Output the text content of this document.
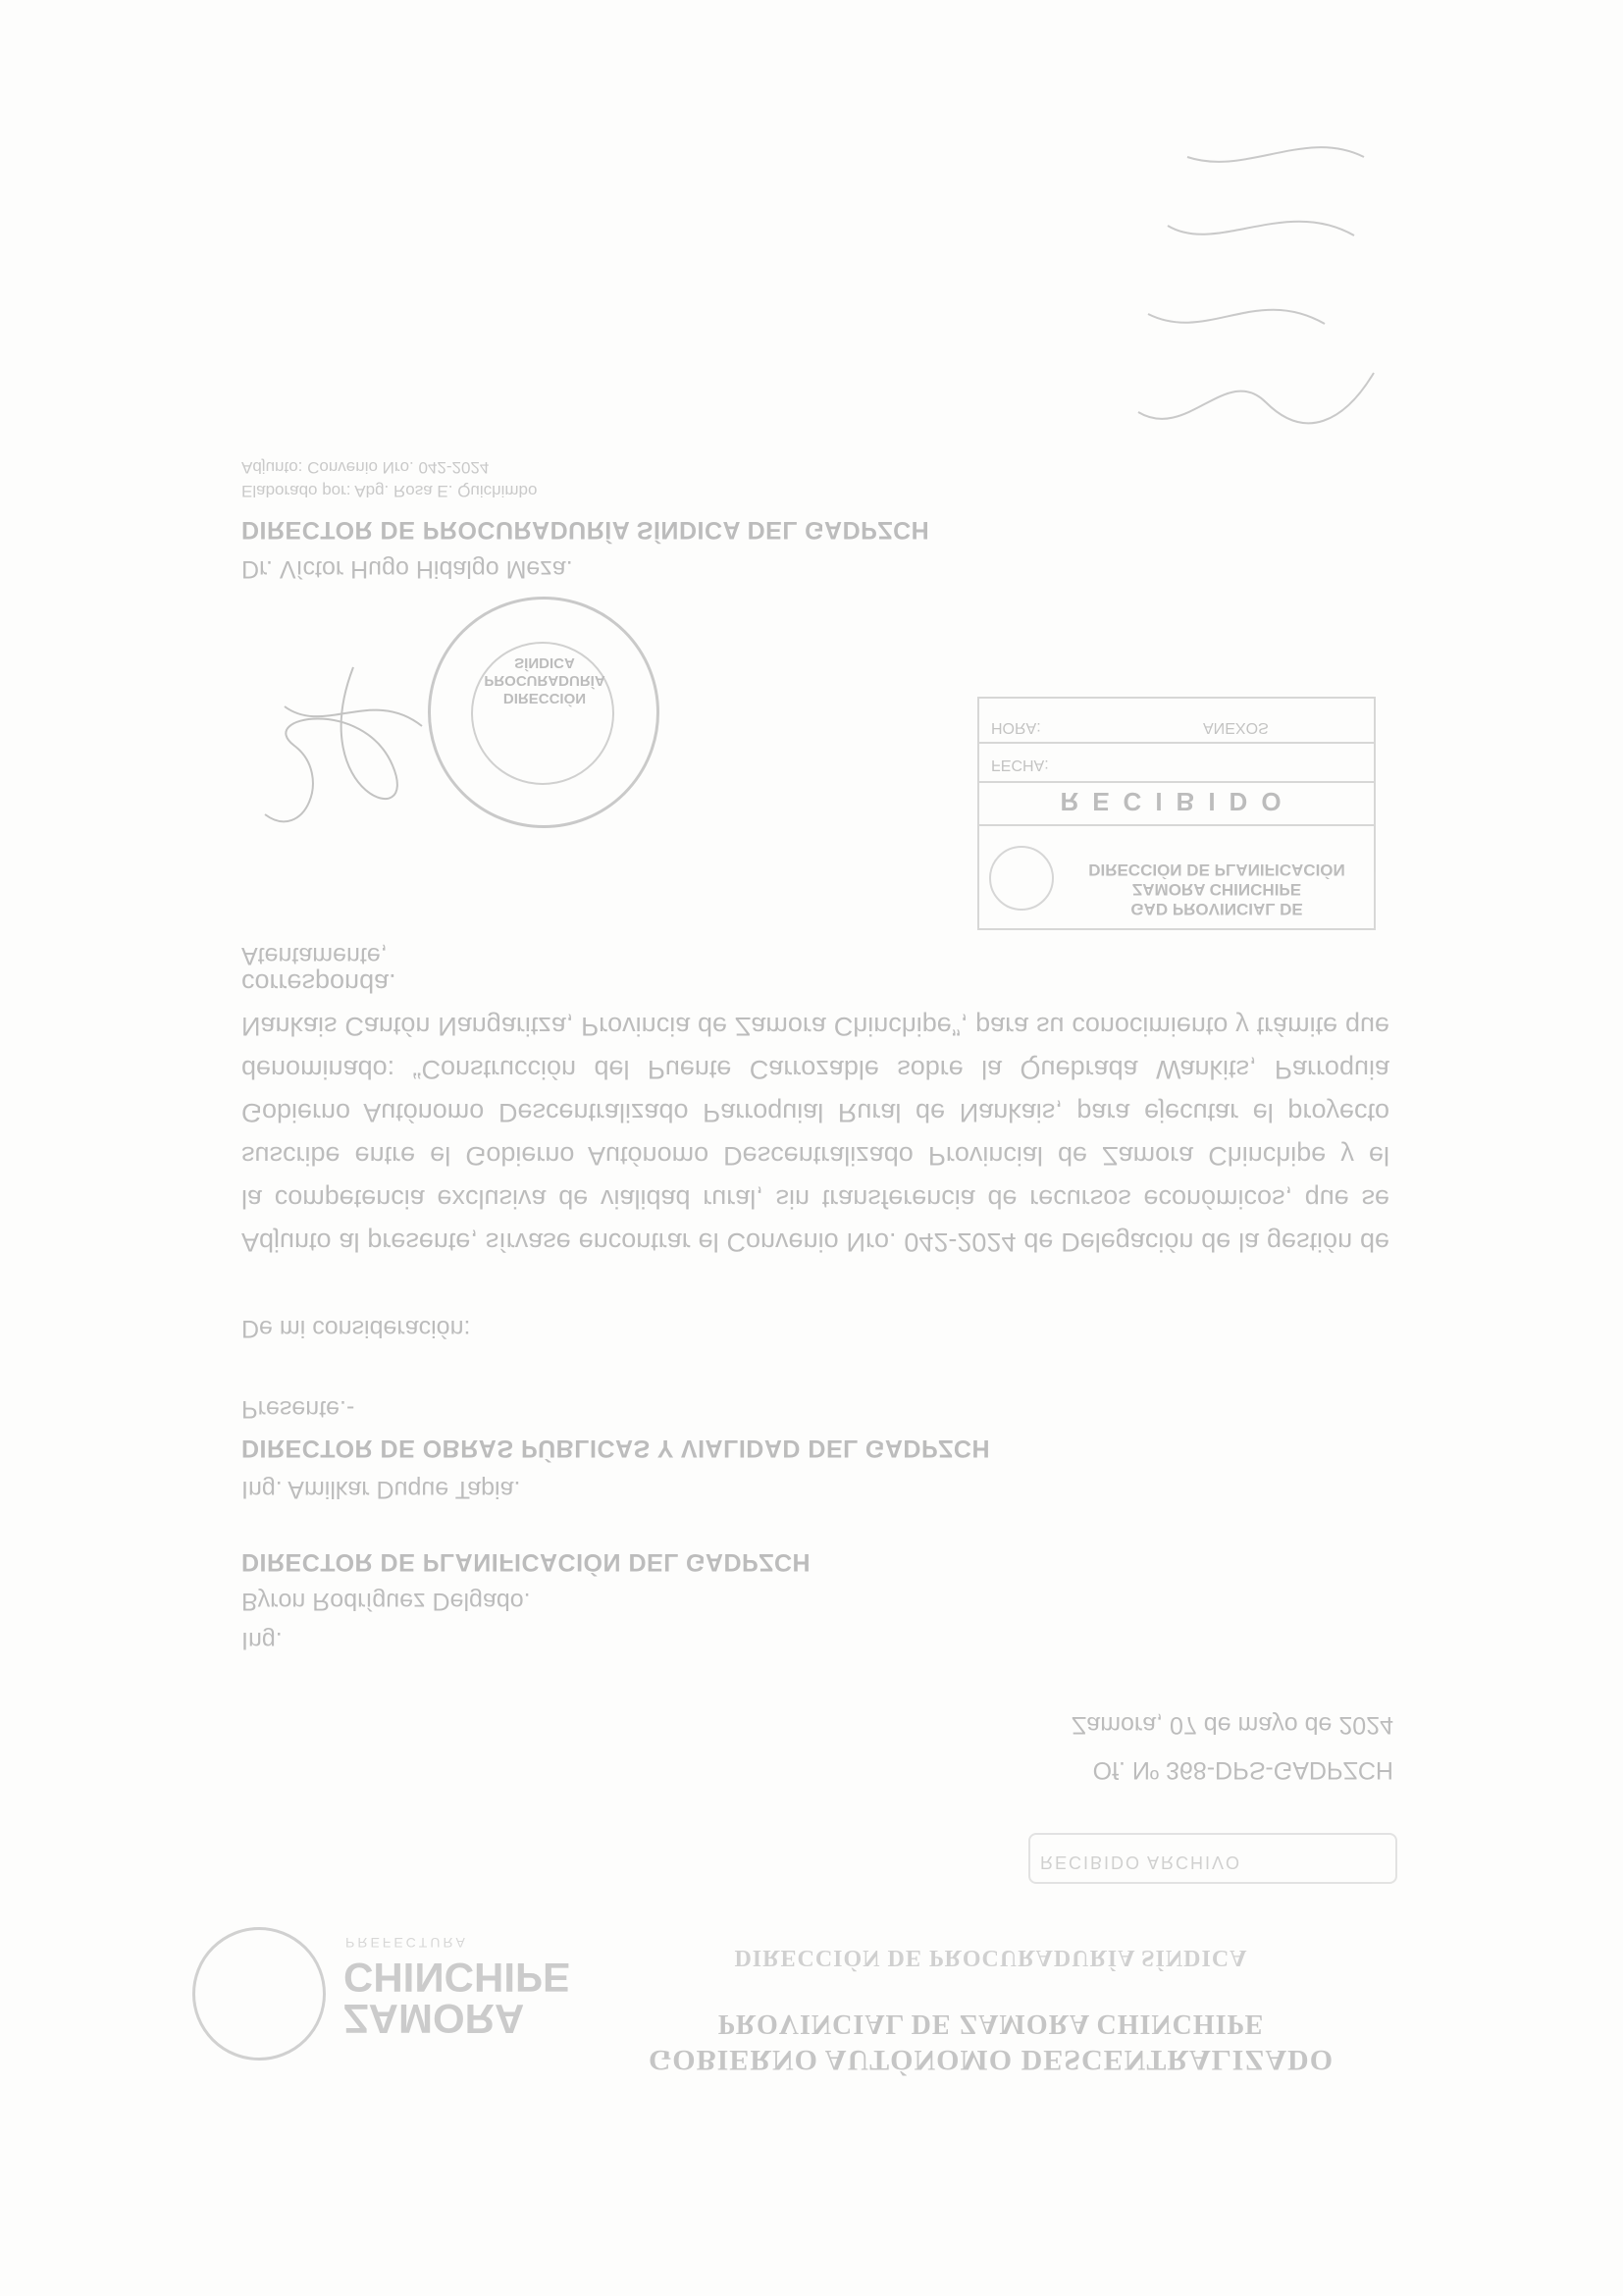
ZAMORA
CHINCHIPE
PREFECTURA
GOBIERNO AUTÓNOMO DESCENTRALIZADO
PROVINCIAL DE ZAMORA CHINCHIPE
DIRECCIÓN DE PROCURADURÍA SÍNDICA
RECIBIDO ARCHIVO
Of. Nº 368-DPS-GADPZCH
Zamora, 07 de mayo de 2024
Ing.
Byron Rodríguez Delgado.
DIRECTOR DE PLANIFICACIÓN DEL GADPZCH
Ing. Amilkar Duque Tapia.
DIRECTOR DE OBRAS PÚBLICAS Y VIALIDAD DEL GADPZCH
Presente.-
De mi consideración:
Adjunto al presente, sírvase encontrar el Convenio Nro. 042-2024 de Delegación de la gestión de la competencia exclusiva de vialidad rural, sin transferencia de recursos económicos, que se suscribe entre el Gobierno Autónomo Descentralizado Provincial de Zamora Chinchipe y el Gobierno Autónomo Descentralizado Parroquial Rural de Nankais, para ejecutar el proyecto denominado: “Construcción del Puente Carrozable sobre la Quebrada Wankits, Parroquia Nankais Cantón Nangaritza, Provincia de Zamora Chinchipe”, para su conocimiento y trámite que corresponda.
Atentamente,
DIRECCIÓN
PROCURADURÍA
SÍNDICA
Dr. Víctor Hugo Hidalgo Meza.
DIRECTOR DE PROCURADURÍA SÍNDICA DEL GADPZCH
Elaborado por: Abg. Rosa E. Quichimbo
Adjunto: Convenio Nro. 042-2024
GAD PROVINCIAL DE
ZAMORA CHINCHIPE
DIRECCIÓN DE PLANIFICACIÓN
RECIBIDO
FECHA:
HORA:	ANEXOS
